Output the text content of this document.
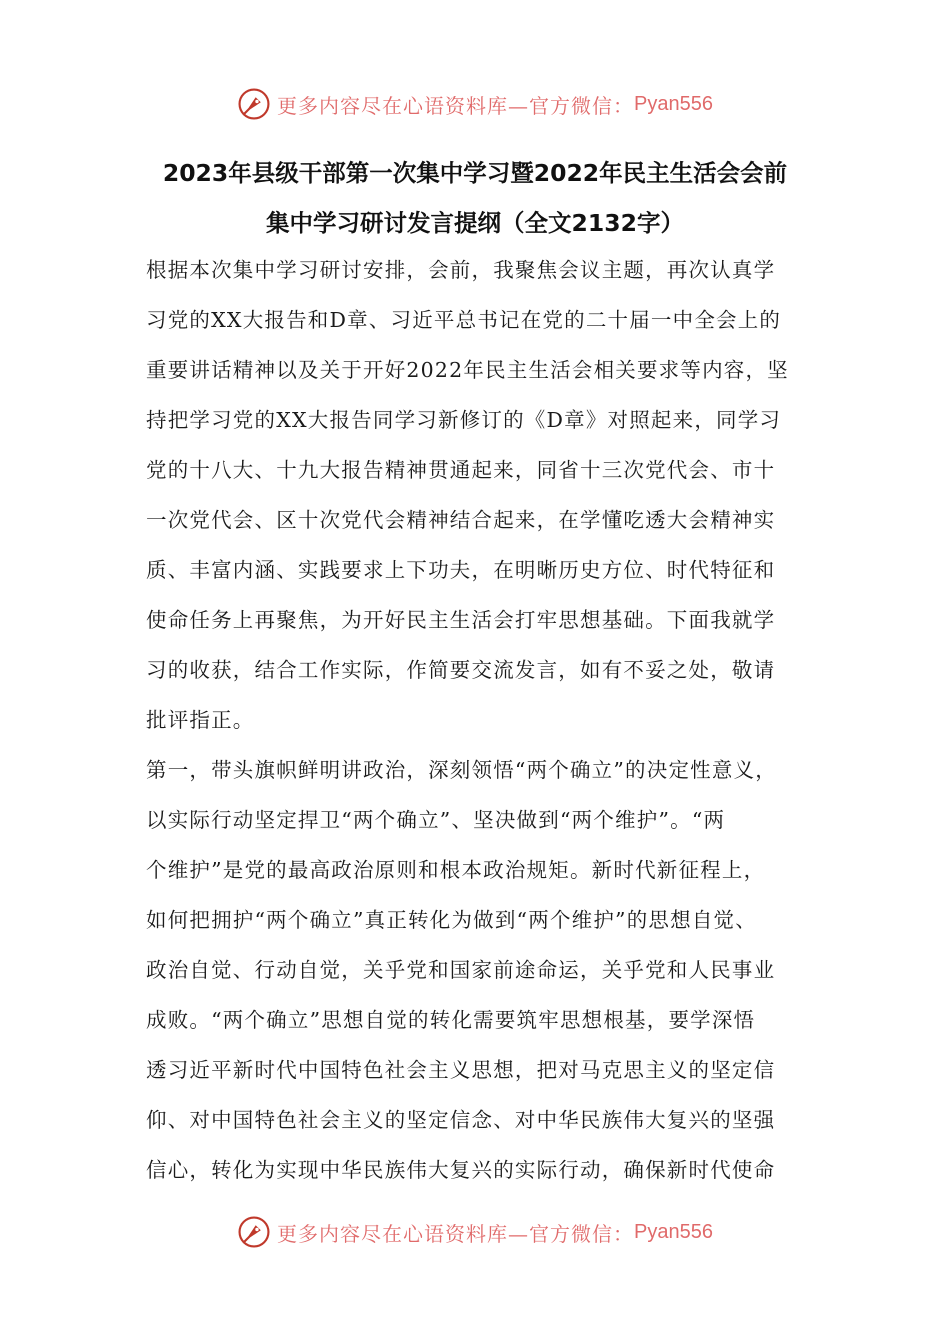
更多内容尽在心语资料库—官方微信： Pyan556
2023年县级干部第一次集中学习暨2022年民主生活会会前
集中学习研讨发言提纲（全文2132字）
根据本次集中学习研讨安排，会前，我聚焦会议主题，再次认真学
习党的XX大报告和D章、习近平总书记在党的二十届一中全会上的
重要讲话精神以及关于开好2022年民主生活会相关要求等内容，坚
持把学习党的XX大报告同学习新修订的《D章》对照起来，同学习
党的十八大、十九大报告精神贯通起来，同省十三次党代会、市十
一次党代会、区十次党代会精神结合起来，在学懂吃透大会精神实
质、丰富内涵、实践要求上下功夫，在明晰历史方位、时代特征和
使命任务上再聚焦，为开好民主生活会打牢思想基础。下面我就学
习的收获，结合工作实际，作简要交流发言，如有不妥之处，敬请
批评指正。
第一，带头旗帜鲜明讲政治，深刻领悟“两个确立”的决定性意义，
以实际行动坚定捍卫“两个确立”、坚决做到“两个维护”。“两
个维护”是党的最高政治原则和根本政治规矩。新时代新征程上，
如何把拥护“两个确立”真正转化为做到“两个维护”的思想自觉、
政治自觉、行动自觉，关乎党和国家前途命运，关乎党和人民事业
成败。“两个确立”思想自觉的转化需要筑牢思想根基，要学深悟
透习近平新时代中国特色社会主义思想，把对马克思主义的坚定信
仰、对中国特色社会主义的坚定信念、对中华民族伟大复兴的坚强
信心，转化为实现中华民族伟大复兴的实际行动，确保新时代使命
更多内容尽在心语资料库—官方微信： Pyan556
